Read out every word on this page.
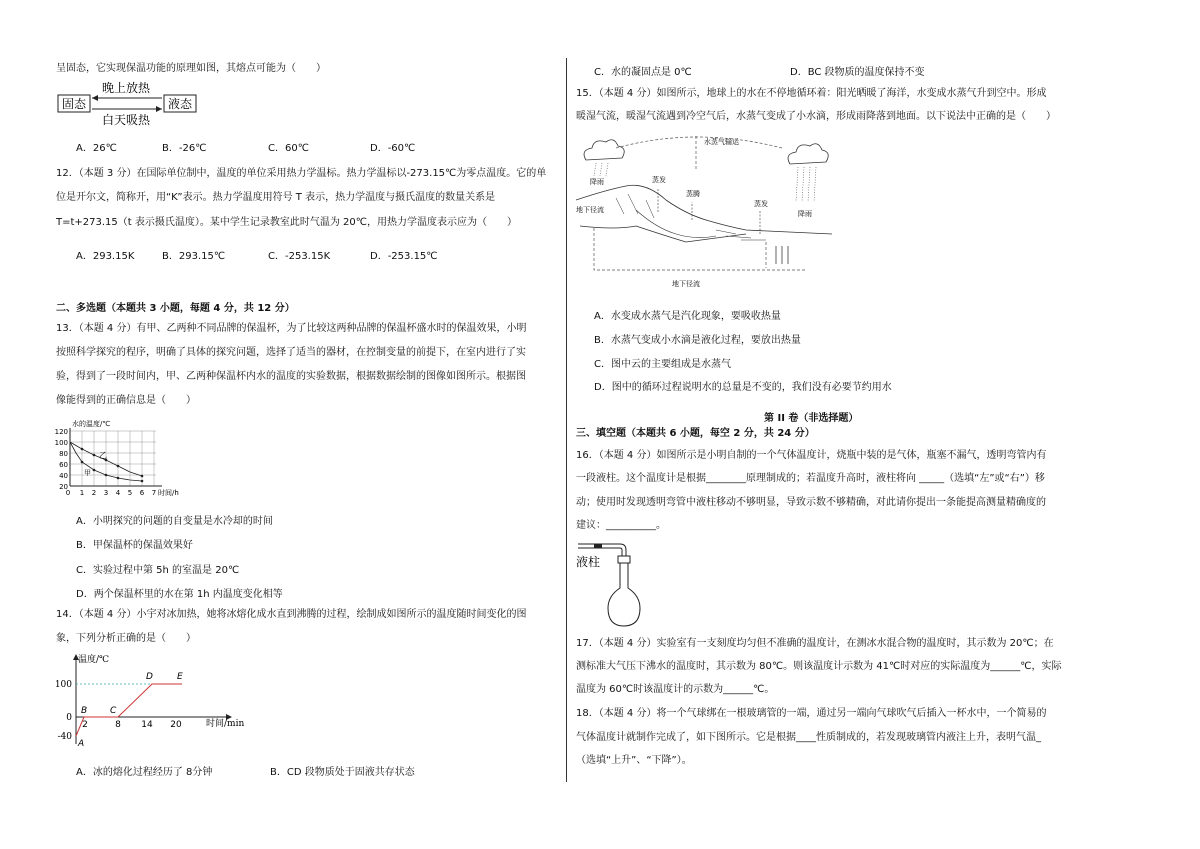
呈固态，它实现保温功能的原理如图，其熔点可能为（　　）
固态	液态
晚上放热
白天吸热
A．26℃	B．-26℃	C．60℃	D．-60℃
12．（本题 3 分）在国际单位制中，温度的单位采用热力学温标。热力学温标以-273.15℃为零点温度。它的单
位是开尔文，简称开，用“K”表示。热力学温度用符号 T 表示，热力学温度与摄氏温度的数量关系是
T=t+273.15（t 表示摄氏温度）。某中学生记录教室此时气温为 20℃，用热力学温度表示应为（　　）
A．293.15K	B．293.15℃	C．-253.15K	D．-253.15℃
二、多选题（本题共 3 小题，每题 4 分，共 12 分）
13．（本题 4 分）有甲、乙两种不同品牌的保温杯，为了比较这两种品牌的保温杯盛水时的保温效果，小明
按照科学探究的程序，明确了具体的探究问题，选择了适当的器材，在控制变量的前提下，在室内进行了实
验，得到了一段时间内，甲、乙两种保温杯内水的温度的实验数据，根据数据绘制的图像如图所示。根据图
像能得到的正确信息是（　　）
水的温度/℃
120
100
80
60
40
20
0 1 2 3 4 5 6 7 时间/h
甲
乙
A．小明探究的问题的自变量是水冷却的时间
B．甲保温杯的保温效果好
C．实验过程中第 5h 的室温是 20℃
D．两个保温杯里的水在第 1h 内温度变化相等
14．（本题 4 分）小宇对冰加热，她将冰熔化成水直到沸腾的过程，绘制成如图所示的温度随时间变化的图
象，下列分析正确的是（　　）
温度/℃
时间/min
100
0
-40
A
B	C
D	E
2	8 14 20
A．冰的熔化过程经历了 8分钟	B．CD 段物质处于固液共存状态
C．水的凝固点是 0℃	D．BC 段物质的温度保持不变
15．（本题 4 分）如图所示，地球上的水在不停地循环着：阳光晒暖了海洋，水变成水蒸气升到空中。形成
暖湿气流，暖湿气流遇到冷空气后，水蒸气变成了小水滴，形成雨降落到地面。以下说法中正确的是（　　）
水蒸气输运
降雨
降雨
蒸发
蒸腾
蒸发
地下径流
地下径流
A．水变成水蒸气是汽化现象，要吸收热量
B．水蒸气变成小水滴是液化过程，要放出热量
C．图中云的主要组成是水蒸气
D．图中的循环过程说明水的总量是不变的，我们没有必要节约用水
第 II 卷（非选择题）
三、填空题（本题共 6 小题，每空 2 分，共 24 分）
16．（本题 4 分）如图所示是小明自制的一个气体温度计，烧瓶中装的是气体，瓶塞不漏气，透明弯管内有
一段液柱。这个温度计是根据________原理制成的；若温度升高时，液柱将向 _____（选填“左”或“右”）移
动；使用时发现透明弯管中液柱移动不够明显，导致示数不够精确，对此请你提出一条能提高测量精确度的
建议：__________。
液柱
17．（本题 4 分）实验室有一支刻度均匀但不准确的温度计，在测冰水混合物的温度时，其示数为 20℃；在
测标准大气压下沸水的温度时，其示数为 80℃。则该温度计示数为 41℃时对应的实际温度为______℃，实际
温度为 60℃时该温度计的示数为______℃。
18．（本题 4 分）将一个气球绑在一根玻璃管的一端，通过另一端向气球吹气后插入一杯水中，一个简易的
气体温度计就制作完成了，如下图所示。它是根据____性质制成的，若发现玻璃管内液注上升，表明气温_
（选填“上升”、“下降”）。
